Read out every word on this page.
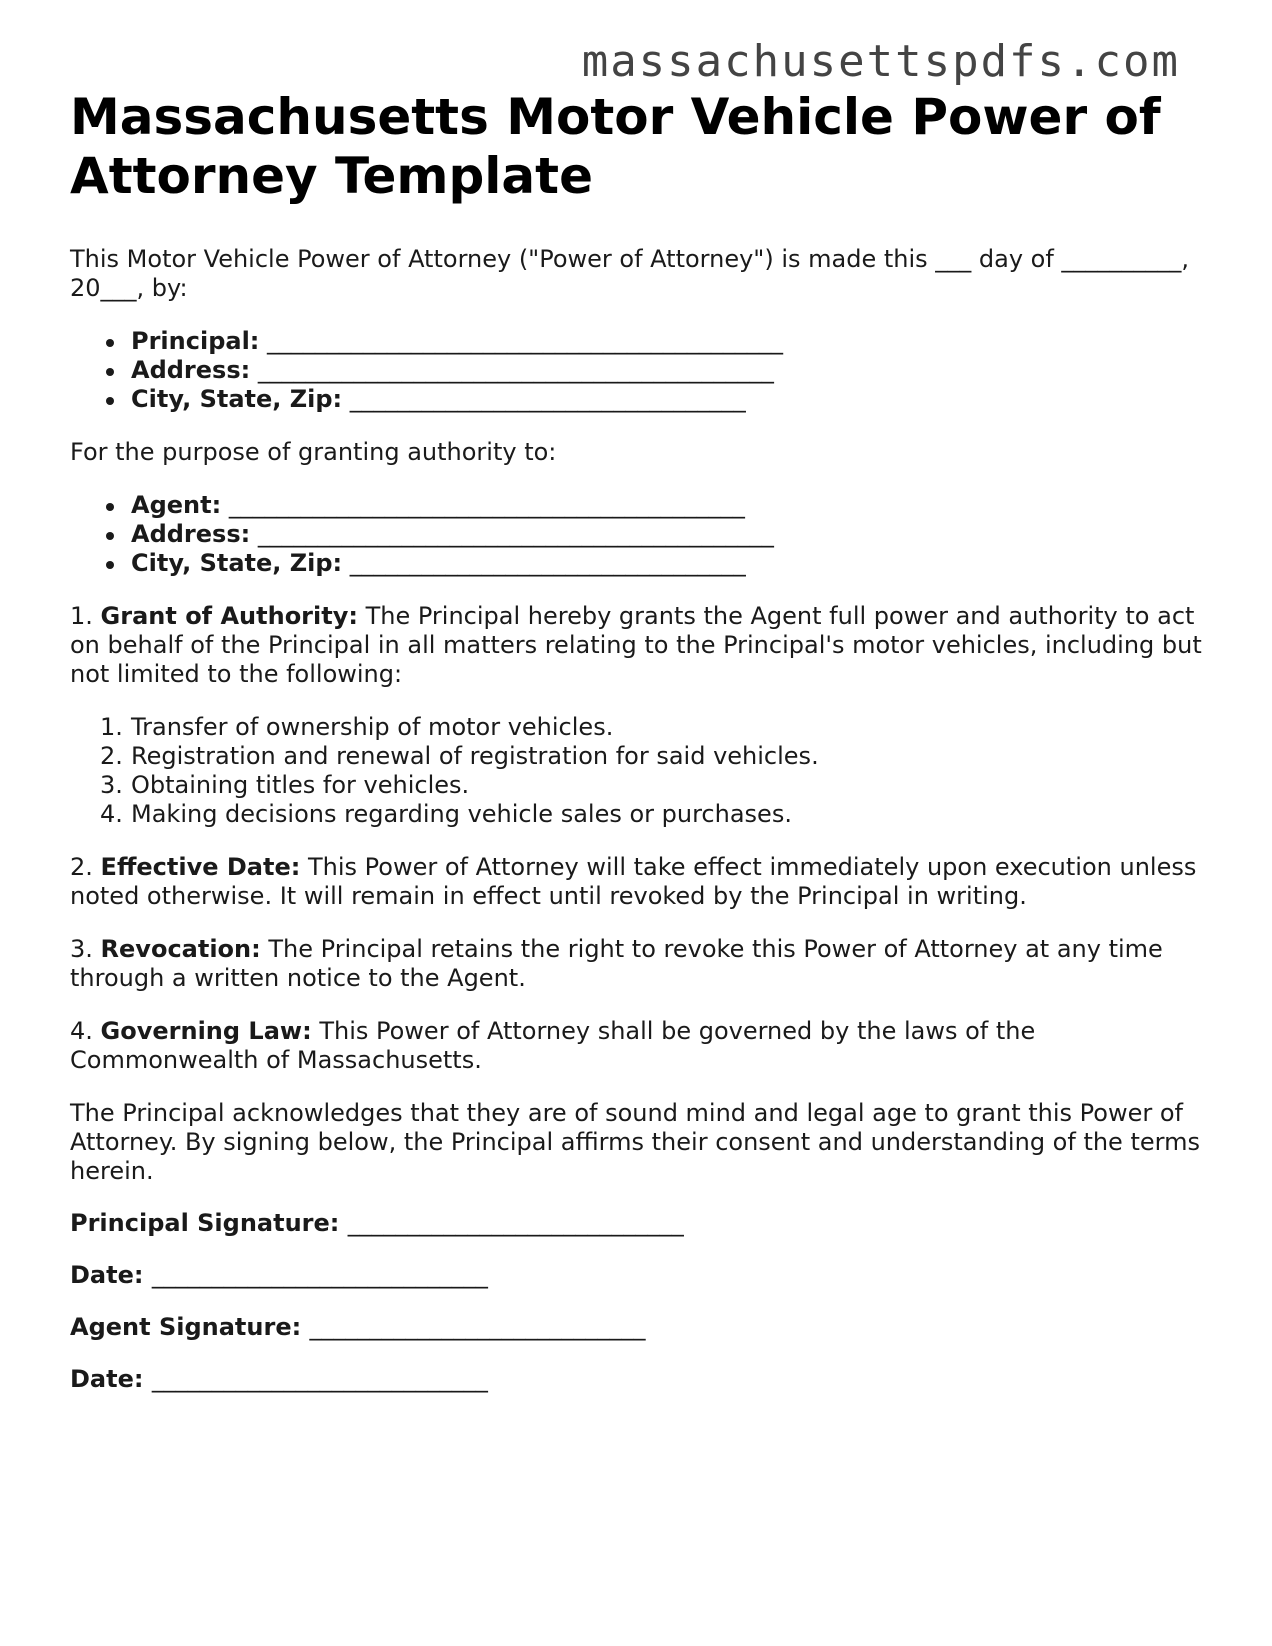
massachusettspdfs.com
Massachusetts Motor Vehicle Power of Attorney Template

This Motor Vehicle Power of Attorney ("Power of Attorney") is made this ___ day of __________, 20___, by:

Principal: ___________________________________________
Address: ___________________________________________
City, State, Zip: _________________________________

For the purpose of granting authority to:

Agent: ___________________________________________
Address: ___________________________________________
City, State, Zip: _________________________________

1. Grant of Authority: The Principal hereby grants the Agent full power and authority to act on behalf of the Principal in all matters relating to the Principal's motor vehicles, including but not limited to the following:

1. Transfer of ownership of motor vehicles.
2. Registration and renewal of registration for said vehicles.
3. Obtaining titles for vehicles.
4. Making decisions regarding vehicle sales or purchases.

2. Effective Date: This Power of Attorney will take effect immediately upon execution unless noted otherwise. It will remain in effect until revoked by the Principal in writing.

3. Revocation: The Principal retains the right to revoke this Power of Attorney at any time through a written notice to the Agent.

4. Governing Law: This Power of Attorney shall be governed by the laws of the Commonwealth of Massachusetts.

The Principal acknowledges that they are of sound mind and legal age to grant this Power of Attorney. By signing below, the Principal affirms their consent and understanding of the terms herein.

Principal Signature: ____________________________

Date: ____________________________

Agent Signature: ____________________________

Date: ____________________________
